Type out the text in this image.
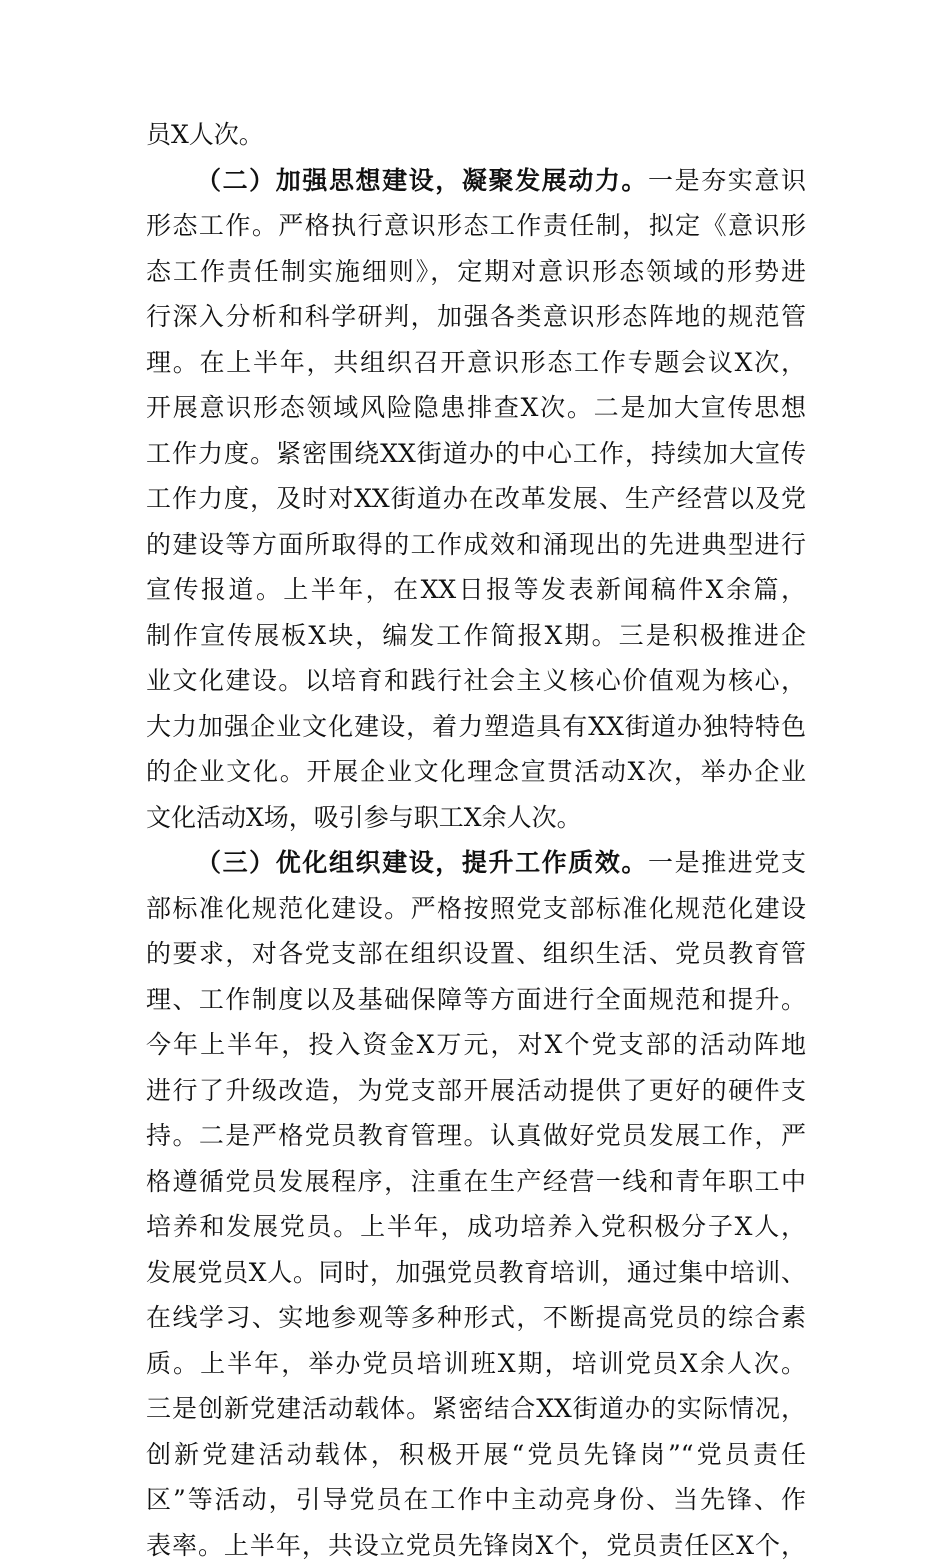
员X人次。
（二）加强思想建设，凝聚发展动力。一是夯实意识
形态工作。严格执行意识形态工作责任制，拟定《意识形
态工作责任制实施细则》，定期对意识形态领域的形势进
行深入分析和科学研判，加强各类意识形态阵地的规范管
理。在上半年，共组织召开意识形态工作专题会议X次，
开展意识形态领域风险隐患排查X次。二是加大宣传思想
工作力度。紧密围绕XX街道办的中心工作，持续加大宣传
工作力度，及时对XX街道办在改革发展、生产经营以及党
的建设等方面所取得的工作成效和涌现出的先进典型进行
宣传报道。上半年，在XX日报等发表新闻稿件X余篇，
制作宣传展板X块，编发工作简报X期。三是积极推进企
业文化建设。以培育和践行社会主义核心价值观为核心，
大力加强企业文化建设，着力塑造具有XX街道办独特特色
的企业文化。开展企业文化理念宣贯活动X次，举办企业
文化活动X场，吸引参与职工X余人次。
（三）优化组织建设，提升工作质效。一是推进党支
部标准化规范化建设。严格按照党支部标准化规范化建设
的要求，对各党支部在组织设置、组织生活、党员教育管
理、工作制度以及基础保障等方面进行全面规范和提升。
今年上半年，投入资金X万元，对X个党支部的活动阵地
进行了升级改造，为党支部开展活动提供了更好的硬件支
持。二是严格党员教育管理。认真做好党员发展工作，严
格遵循党员发展程序，注重在生产经营一线和青年职工中
培养和发展党员。上半年，成功培养入党积极分子X人，
发展党员X人。同时，加强党员教育培训，通过集中培训、
在线学习、实地参观等多种形式，不断提高党员的综合素
质。上半年，举办党员培训班X期，培训党员X余人次。
三是创新党建活动载体。紧密结合XX街道办的实际情况，
创新党建活动载体，积极开展“党员先锋岗”“党员责任
区”等活动，引导党员在工作中主动亮身份、当先锋、作
表率。上半年，共设立党员先锋岗X个，党员责任区X个，
